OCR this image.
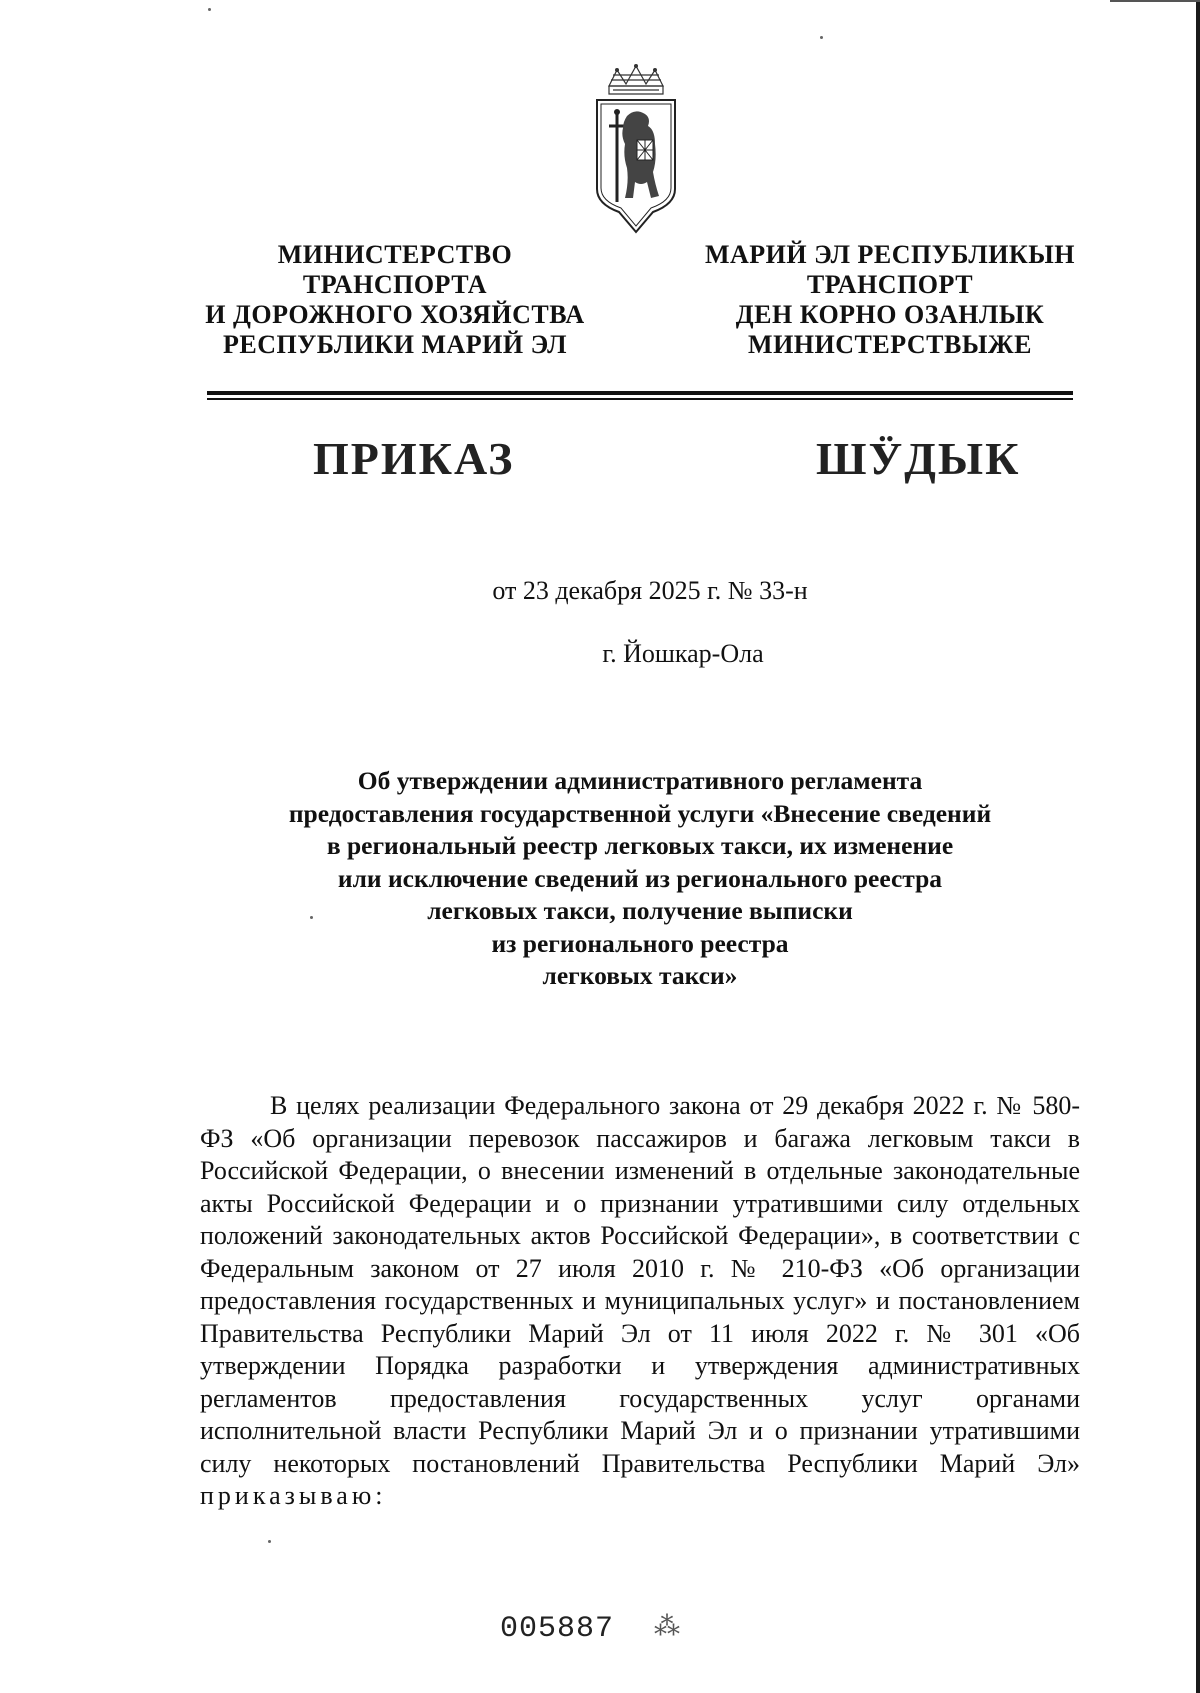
МИНИСТЕРСТВО
ТРАНСПОРТА
И ДОРОЖНОГО ХОЗЯЙСТВА
РЕСПУБЛИКИ МАРИЙ ЭЛ
МАРИЙ ЭЛ РЕСПУБЛИКЫН
ТРАНСПОРТ
ДЕН КОРНО ОЗАНЛЫК
МИНИСТЕРСТВЫЖЕ
ПРИКАЗ	ШӰДЫК
от 23 декабря 2025 г. № 33-н
г. Йошкар-Ола
Об утверждении административного регламента
предоставления государственной услуги «Внесение сведений
в региональный реестр легковых такси, их изменение
или исключение сведений из регионального реестра
легковых такси, получение выписки
из регионального реестра
легковых такси»
В целях реализации Федерального закона от 29 декабря 2022 г. № 580-ФЗ «Об организации перевозок пассажиров и багажа легковым такси в Российской Федерации, о внесении изменений в отдельные законодательные акты Российской Федерации и о признании утратившими силу отдельных положений законодательных актов Российской Федерации», в соответствии с Федеральным законом от 27 июля 2010 г. № 210-ФЗ «Об организации предоставления государственных и муниципальных услуг» и постановлением Правительства Республики Марий Эл от 11 июля 2022 г. № 301 «Об утверждении Порядка разработки и утверждения административных регламентов предоставления государственных услуг органами исполнительной власти Республики Марий Эл и о признании утратившими силу некоторых постановлений Правительства Республики Марий Эл» приказываю:
005887 ⁂
